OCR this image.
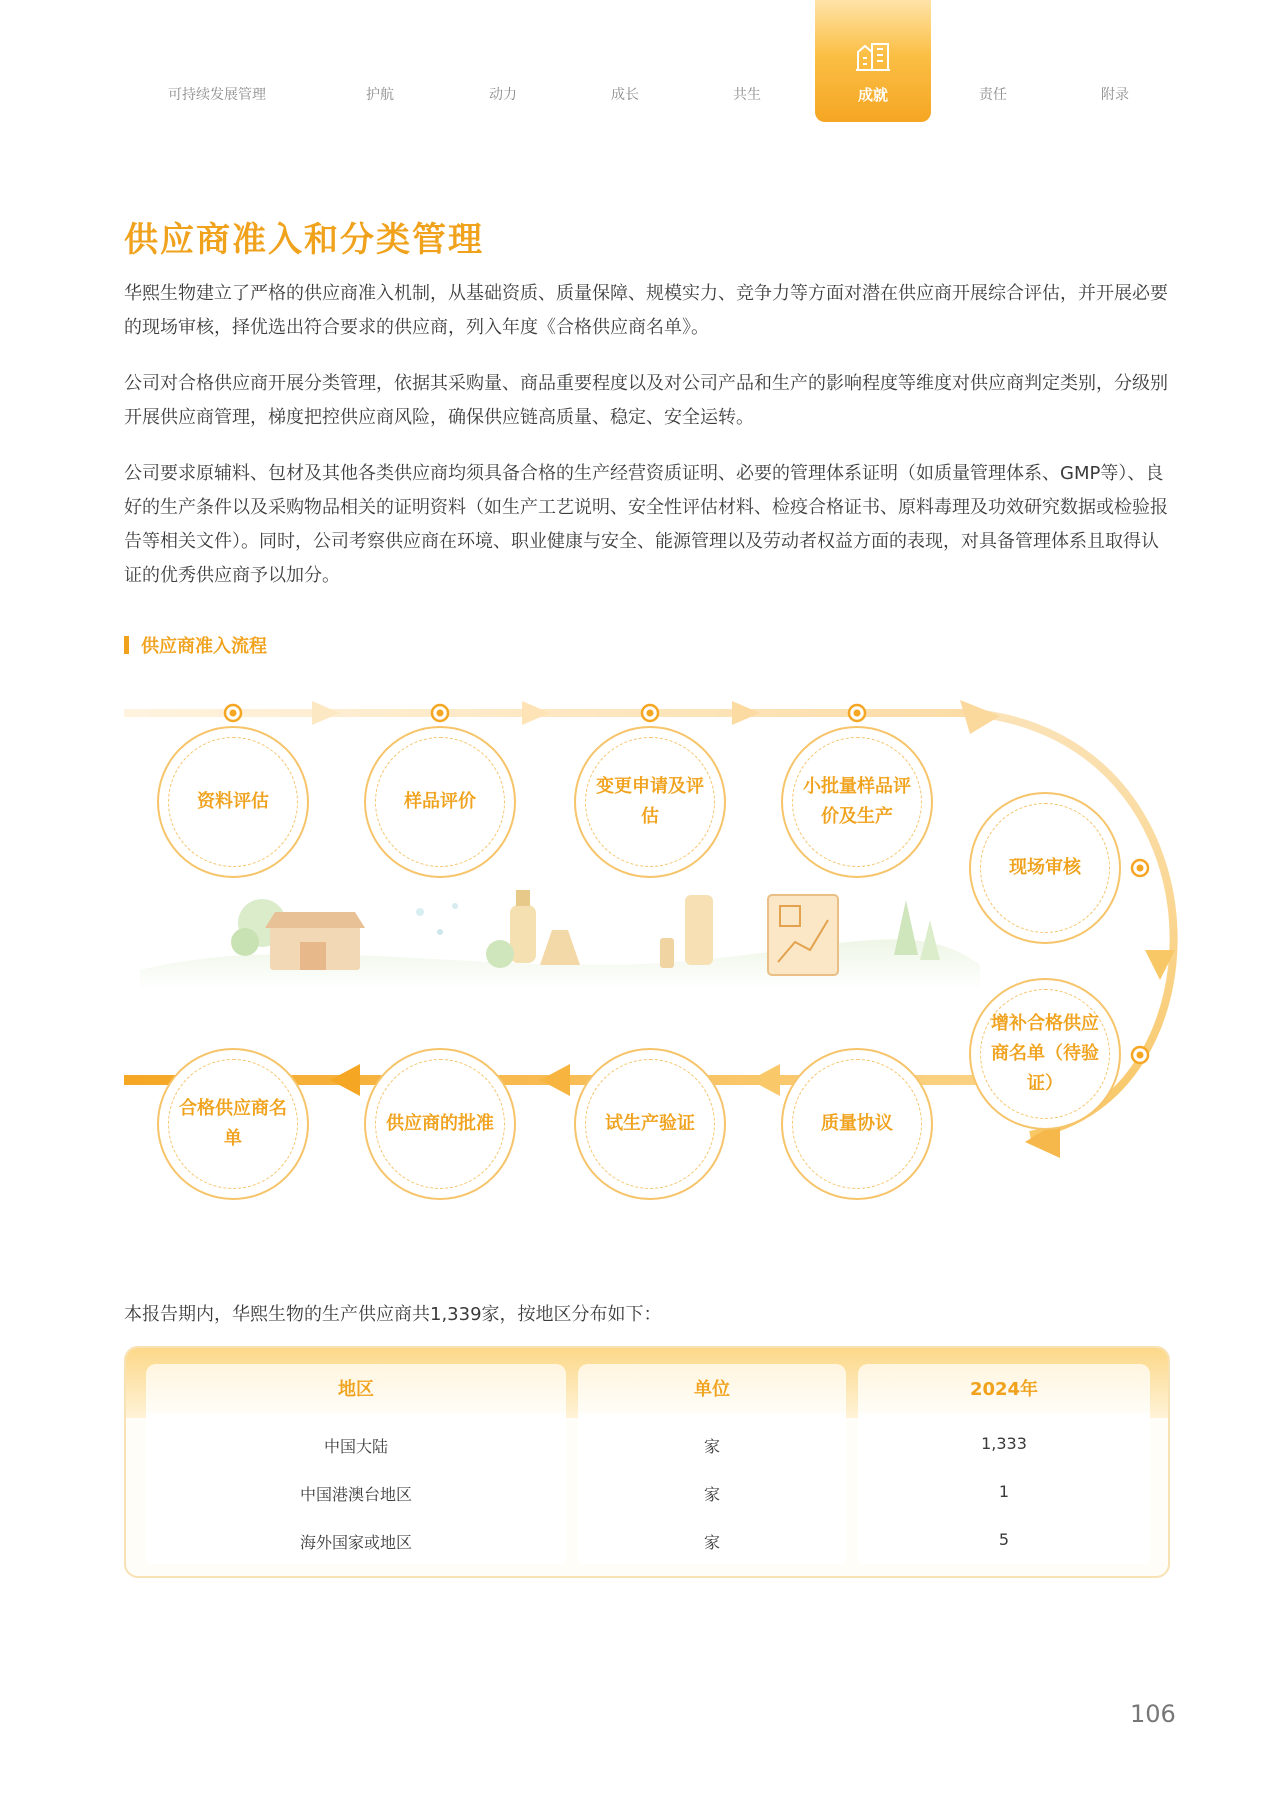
可持续发展管理	护航	动力	成长	共生	成就	责任	附录
供应商准入和分类管理
华熙生物建立了严格的供应商准入机制，从基础资质、质量保障、规模实力、竞争力等方面对潜在供应商开展综合评估，并开展必要的现场审核，择优选出符合要求的供应商，列入年度《合格供应商名单》。
公司对合格供应商开展分类管理，依据其采购量、商品重要程度以及对公司产品和生产的影响程度等维度对供应商判定类别，分级别开展供应商管理，梯度把控供应商风险，确保供应链高质量、稳定、安全运转。
公司要求原辅料、包材及其他各类供应商均须具备合格的生产经营资质证明、必要的管理体系证明（如质量管理体系、GMP等）、良好的生产条件以及采购物品相关的证明资料（如生产工艺说明、安全性评估材料、检疫合格证书、原料毒理及功效研究数据或检验报告等相关文件）。同时，公司考察供应商在环境、职业健康与安全、能源管理以及劳动者权益方面的表现，对具备管理体系且取得认证的优秀供应商予以加分。
供应商准入流程
资料评估	样品评价
变更申请及评估
小批量样品评价及生产
现场审核
增补合格供应商名单（待验证）
合格供应商名单
供应商的批准	试生产验证	质量协议
本报告期内，华熙生物的生产供应商共1,339家，按地区分布如下：
地区	单位	2024年
中国大陆	家	1,333
中国港澳台地区	家	1
海外国家或地区	家	5
106
